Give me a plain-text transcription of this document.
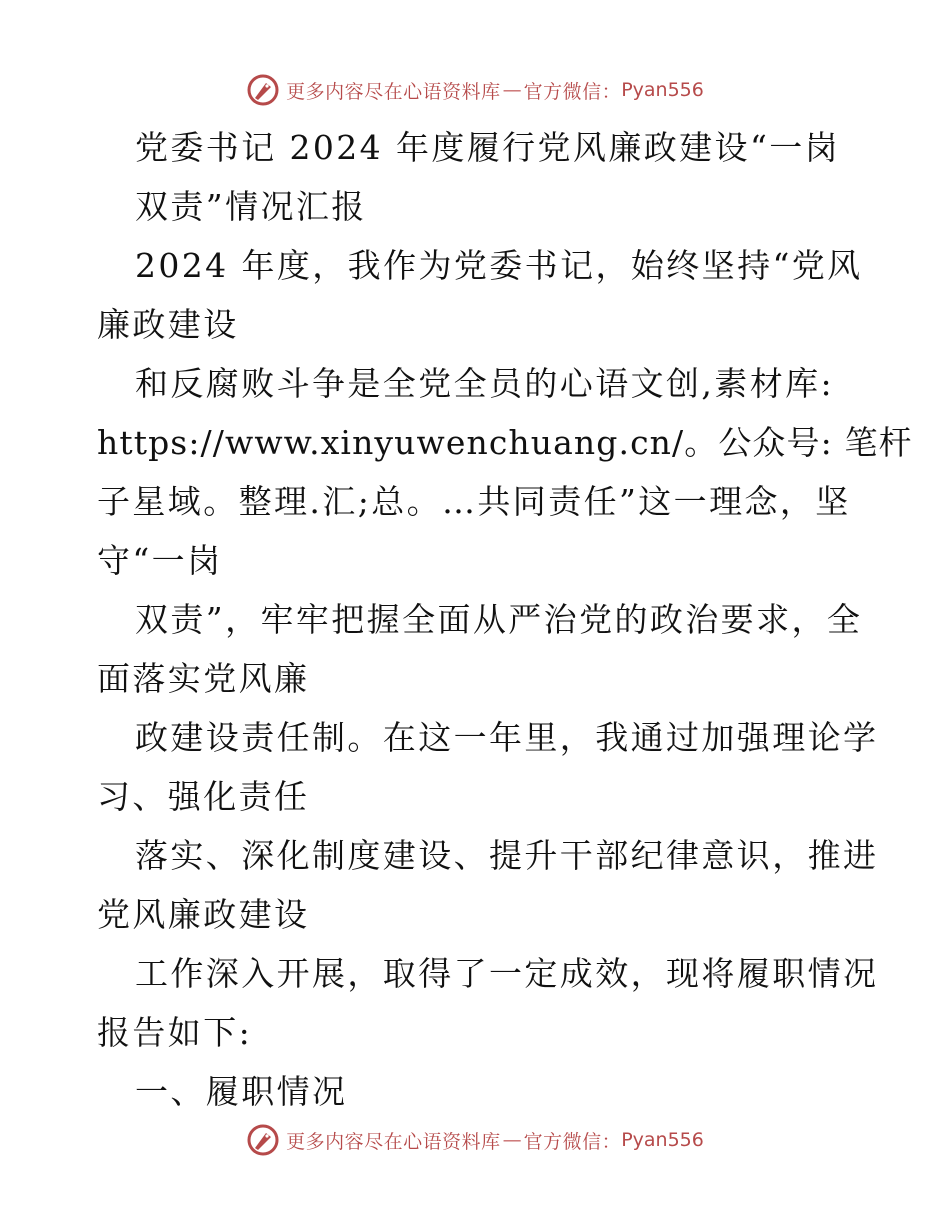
更多内容尽在心语资料库 — 官方微信： Pyan556
党委书记 2024 年度履行党风廉政建设“一岗
双责”情况汇报
2024 年度，我作为党委书记，始终坚持“党风
廉政建设
和反腐败斗争是全党全员的心语文创,素材库:
https://www.xinyuwenchuang.cn/。公众号: 笔杆
子星域。整理.汇;总。…共同责任”这一理念，坚
守“一岗
双责”，牢牢把握全面从严治党的政治要求，全
面落实党风廉
政建设责任制。在这一年里，我通过加强理论学
习、强化责任
落实、深化制度建设、提升干部纪律意识，推进
党风廉政建设
工作深入开展，取得了一定成效，现将履职情况
报告如下:
一、履职情况
更多内容尽在心语资料库 — 官方微信： Pyan556
